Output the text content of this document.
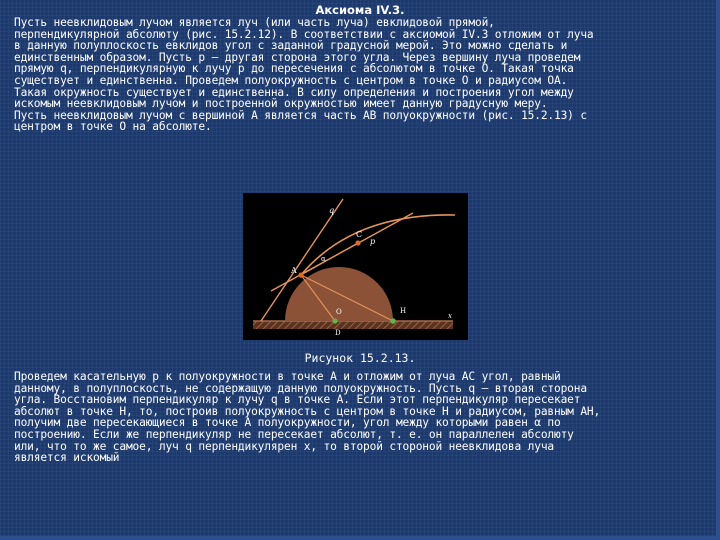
Аксиома IV.3.
Пусть неевклидовым лучом является луч (или часть луча) евклидовой прямой,
перпендикулярной абсолюту (рис. 15.2.12). В соответствии с аксиомой IV.3 отложим от луча
в данную полуплоскость евклидов угол с заданной градусной мерой. Это можно сделать и
единственным образом. Пусть p – другая сторона этого угла. Через вершину луча проведем
прямую q, перпендикулярную к лучу p до пересечения с абсолютом в точке O. Такая точка
существует и единственна. Проведем полуокружность с центром в точке O и радиусом OA.
Такая окружность существует и единственна. В силу определения и построения угол между
искомым неевклидовым лучом и построенной окружностью имеет данную градусную меру.
Пусть неевклидовым лучом с вершиной A является часть AB полуокружности (рис. 15.2.13) с
центром в точке O на абсолюте.
q
C
p
α
A
O	H
x
D
Рисунок 15.2.13.
Проведем касательную p к полуокружности в точке A и отложим от луча AC угол, равный
данному, в полуплоскость, не содержащую данную полуокружность. Пусть q – вторая сторона
угла. Восстановим перпендикуляр к лучу q в точке A. Если этот перпендикуляр пересекает
абсолют в точке H, то, построив полуокружность с центром в точке H и радиусом, равным AH,
получим две пересекающиеся в точке A полуокружности, угол между которыми равен α по
построению. Если же перпендикуляр не пересекает абсолют, т. е. он параллелен абсолюту
или, что то же самое, луч q перпендикулярен x, то второй стороной неевклидова луча
является искомый
